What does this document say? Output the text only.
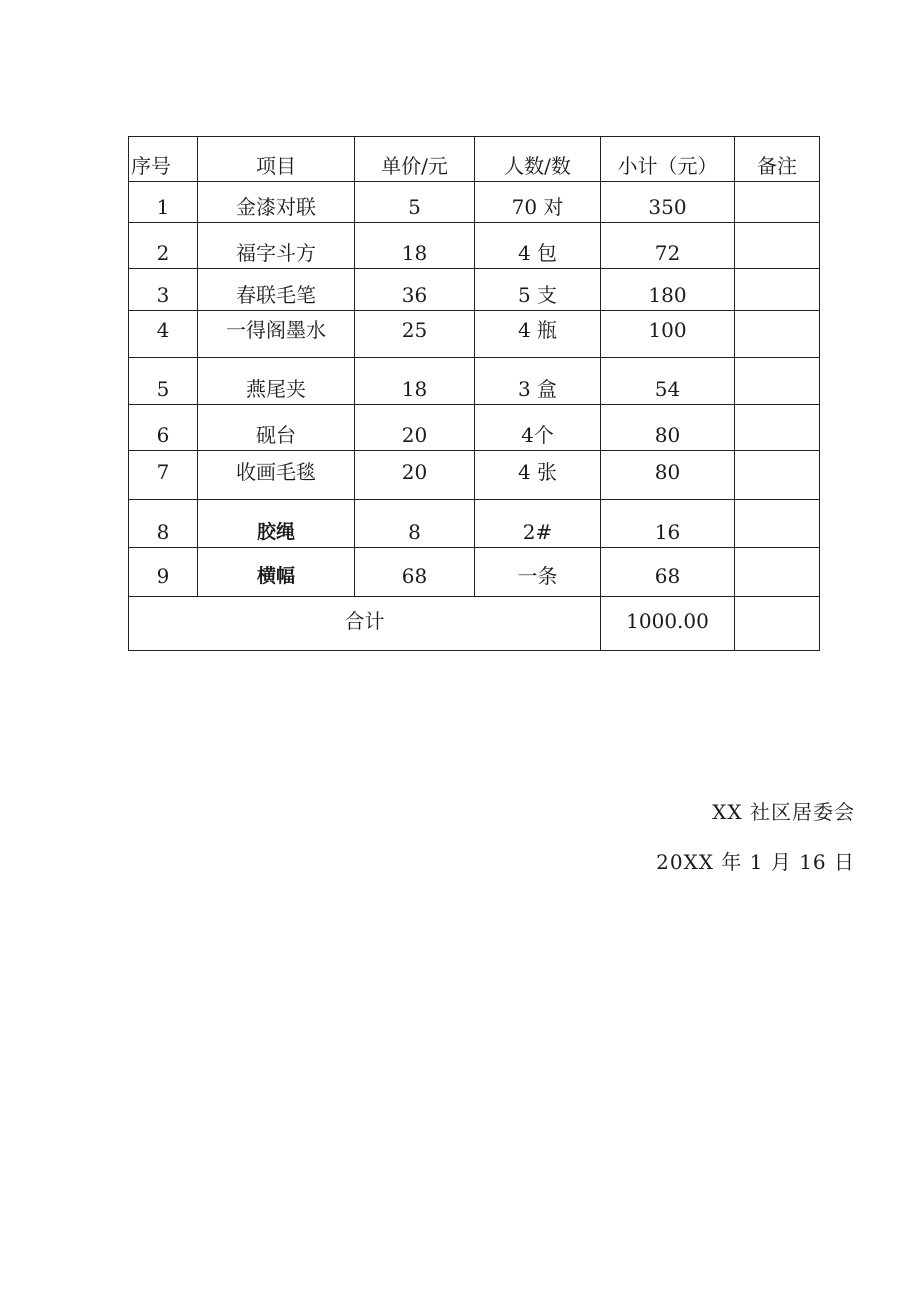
序号	项目	单价/元	人数/数	小计（元）	备注
1	金漆对联	5	70 对	350	
2	福字斗方	18	4 包	72	
3	春联毛笔	36	5 支	180	
4	一得阁墨水	25	4 瓶	100	
5	燕尾夹	18	3 盒	54	
6	砚台	20	4个	80	
7	收画毛毯	20	4 张	80	
8	胶绳	8	2#	16	
9	横幅	68	一条	68	
合计				1000.00	
XX 社区居委会
20XX 年 1 月 16 日
